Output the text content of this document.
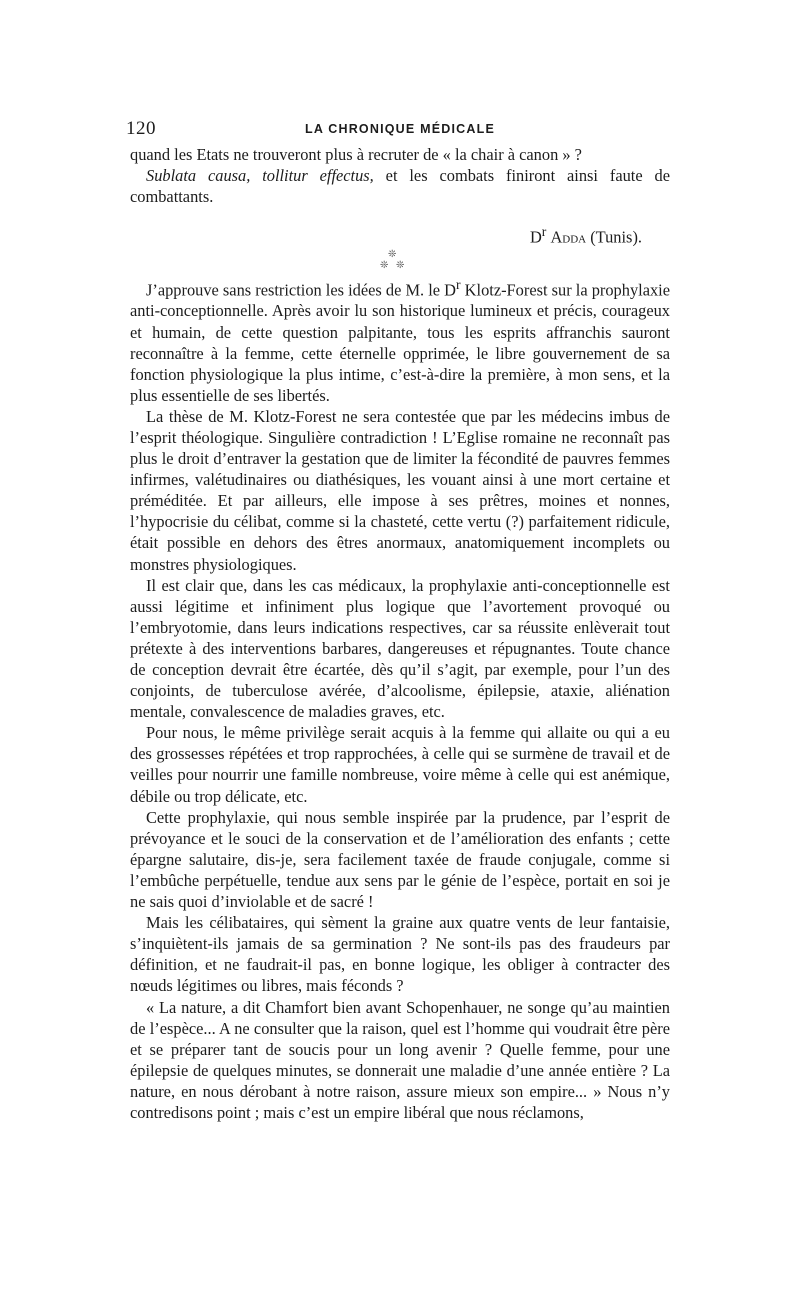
120	LA CHRONIQUE MÉDICALE

quand les Etats ne trouveront plus à recruter de « la chair à canon » ?

Sublata causa, tollitur effectus, et les combats finiront ainsi faute de combattants.

$D^r$ Adda (Tunis).

❊
❊ ❊

J’approuve sans restriction les idées de M. le $D^r$ Klotz-Forest sur la prophylaxie anti-conceptionnelle. Après avoir lu son historique lumineux et précis, courageux et humain, de cette question palpitante, tous les esprits affranchis sauront reconnaître à la femme, cette éternelle opprimée, le libre gouvernement de sa fonction physiologique la plus intime, c’est-à-dire la première, à mon sens, et la plus essentielle de ses libertés.

La thèse de M. Klotz-Forest ne sera contestée que par les médecins imbus de l’esprit théologique. Singulière contradiction ! L’Eglise romaine ne reconnaît pas plus le droit d’entraver la gestation que de limiter la fécondité de pauvres femmes infirmes, valétudinaires ou diathésiques, les vouant ainsi à une mort certaine et préméditée. Et par ailleurs, elle impose à ses prêtres, moines et nonnes, l’hypocrisie du célibat, comme si la chasteté, cette vertu (?) parfaitement ridicule, était possible en dehors des êtres anormaux, anatomiquement incomplets ou monstres physiologiques.

Il est clair que, dans les cas médicaux, la prophylaxie anti-conceptionnelle est aussi légitime et infiniment plus logique que l’avortement provoqué ou l’embryotomie, dans leurs indications respectives, car sa réussite enlèverait tout prétexte à des interventions barbares, dangereuses et répugnantes. Toute chance de conception devrait être écartée, dès qu’il s’agit, par exemple, pour l’un des conjoints, de tuberculose avérée, d’alcoolisme, épilepsie, ataxie, aliénation mentale, convalescence de maladies graves, etc.

Pour nous, le même privilège serait acquis à la femme qui allaite ou qui a eu des grossesses répétées et trop rapprochées, à celle qui se surmène de travail et de veilles pour nourrir une famille nombreuse, voire même à celle qui est anémique, débile ou trop délicate, etc.

Cette prophylaxie, qui nous semble inspirée par la prudence, par l’esprit de prévoyance et le souci de la conservation et de l’amélioration des enfants ; cette épargne salutaire, dis-je, sera facilement taxée de fraude conjugale, comme si l’embûche perpétuelle, tendue aux sens par le génie de l’espèce, portait en soi je ne sais quoi d’inviolable et de sacré !

Mais les célibataires, qui sèment la graine aux quatre vents de leur fantaisie, s’inquiètent-ils jamais de sa germination ? Ne sont-ils pas des fraudeurs par définition, et ne faudrait-il pas, en bonne logique, les obliger à contracter des nœuds légitimes ou libres, mais féconds ?

« La nature, a dit Chamfort bien avant Schopenhauer, ne songe qu’au maintien de l’espèce... A ne consulter que la raison, quel est l’homme qui voudrait être père et se préparer tant de soucis pour un long avenir ? Quelle femme, pour une épilepsie de quelques minutes, se donnerait une maladie d’une année entière ? La nature, en nous dérobant à notre raison, assure mieux son empire... » Nous n’y contredisons point ; mais c’est un empire libéral que nous réclamons,
